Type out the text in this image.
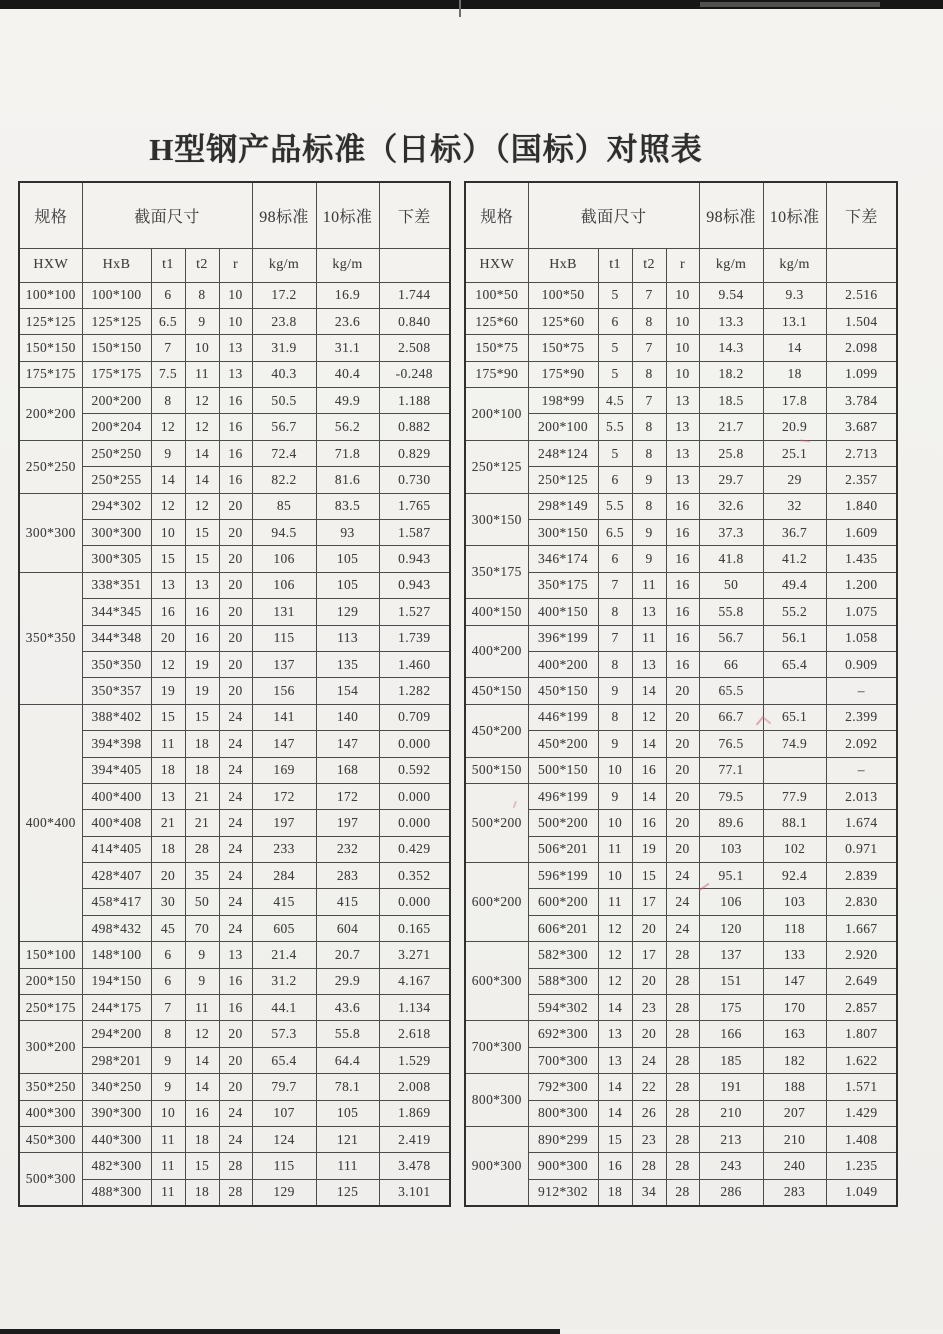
H型钢产品标准（日标）（国标）对照表
规格	截面尺寸				98标准	10标准	下差
HXW	HxB	t1	t2	r	kg/m	kg/m	
100*100	100*100	6	8	10	17.2	16.9	1.744
125*125	125*125	6.5	9	10	23.8	23.6	0.840
150*150	150*150	7	10	13	31.9	31.1	2.508
175*175	175*175	7.5	11	13	40.3	40.4	-0.248
200*200	200*200	8	12	16	50.5	49.9	1.188
	200*204	12	12	16	56.7	56.2	0.882
250*250	250*250	9	14	16	72.4	71.8	0.829
	250*255	14	14	16	82.2	81.6	0.730
300*300	294*302	12	12	20	85	83.5	1.765
	300*300	10	15	20	94.5	93	1.587
	300*305	15	15	20	106	105	0.943
350*350	338*351	13	13	20	106	105	0.943
	344*345	16	16	20	131	129	1.527
	344*348	20	16	20	115	113	1.739
	350*350	12	19	20	137	135	1.460
	350*357	19	19	20	156	154	1.282
400*400	388*402	15	15	24	141	140	0.709
	394*398	11	18	24	147	147	0.000
	394*405	18	18	24	169	168	0.592
	400*400	13	21	24	172	172	0.000
	400*408	21	21	24	197	197	0.000
	414*405	18	28	24	233	232	0.429
	428*407	20	35	24	284	283	0.352
	458*417	30	50	24	415	415	0.000
	498*432	45	70	24	605	604	0.165
150*100	148*100	6	9	13	21.4	20.7	3.271
200*150	194*150	6	9	16	31.2	29.9	4.167
250*175	244*175	7	11	16	44.1	43.6	1.134
300*200	294*200	8	12	20	57.3	55.8	2.618
	298*201	9	14	20	65.4	64.4	1.529
350*250	340*250	9	14	20	79.7	78.1	2.008
400*300	390*300	10	16	24	107	105	1.869
450*300	440*300	11	18	24	124	121	2.419
500*300	482*300	11	15	28	115	111	3.478
	488*300	11	18	28	129	125	3.101
规格	截面尺寸				98标准	10标准	下差
HXW	HxB	t1	t2	r	kg/m	kg/m	
100*50	100*50	5	7	10	9.54	9.3	2.516
125*60	125*60	6	8	10	13.3	13.1	1.504
150*75	150*75	5	7	10	14.3	14	2.098
175*90	175*90	5	8	10	18.2	18	1.099
200*100	198*99	4.5	7	13	18.5	17.8	3.784
	200*100	5.5	8	13	21.7	20.9	3.687
250*125	248*124	5	8	13	25.8	25.1	2.713
	250*125	6	9	13	29.7	29	2.357
300*150	298*149	5.5	8	16	32.6	32	1.840
	300*150	6.5	9	16	37.3	36.7	1.609
350*175	346*174	6	9	16	41.8	41.2	1.435
	350*175	7	11	16	50	49.4	1.200
400*150	400*150	8	13	16	55.8	55.2	1.075
400*200	396*199	7	11	16	56.7	56.1	1.058
	400*200	8	13	16	66	65.4	0.909
450*150	450*150	9	14	20	65.5		–
450*200	446*199	8	12	20	66.7	65.1	2.399
	450*200	9	14	20	76.5	74.9	2.092
500*150	500*150	10	16	20	77.1		–
500*200	496*199	9	14	20	79.5	77.9	2.013
	500*200	10	16	20	89.6	88.1	1.674
	506*201	11	19	20	103	102	0.971
600*200	596*199	10	15	24	95.1	92.4	2.839
	600*200	11	17	24	106	103	2.830
	606*201	12	20	24	120	118	1.667
600*300	582*300	12	17	28	137	133	2.920
	588*300	12	20	28	151	147	2.649
	594*302	14	23	28	175	170	2.857
700*300	692*300	13	20	28	166	163	1.807
	700*300	13	24	28	185	182	1.622
800*300	792*300	14	22	28	191	188	1.571
	800*300	14	26	28	210	207	1.429
900*300	890*299	15	23	28	213	210	1.408
	900*300	16	28	28	243	240	1.235
	912*302	18	34	28	286	283	1.049
